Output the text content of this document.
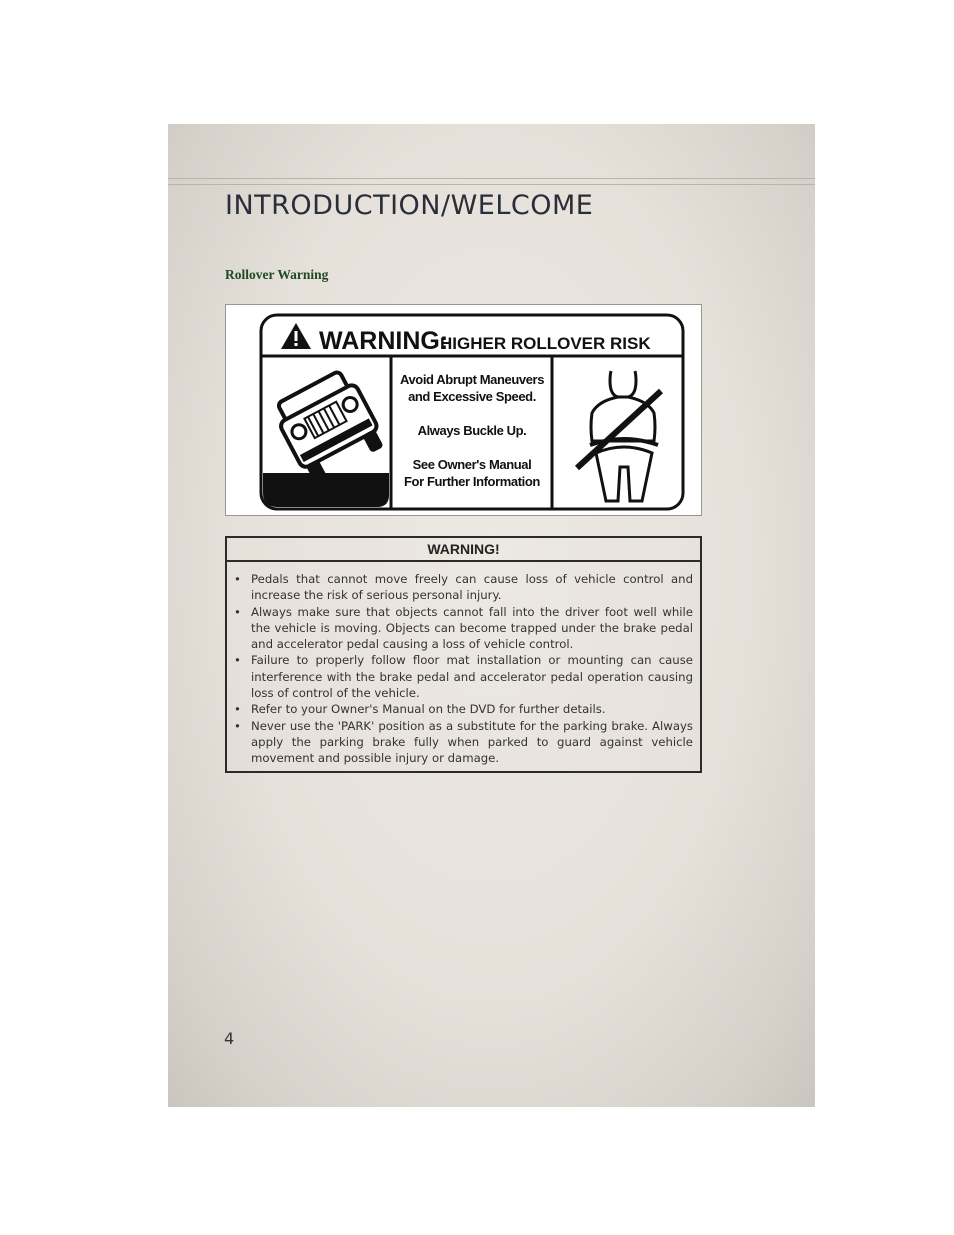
INTRODUCTION/WELCOME
Rollover Warning
WARNING:
HIGHER ROLLOVER RISK
Avoid Abrupt Maneuvers
and Excessive Speed.
Always Buckle Up.
See Owner's Manual
For Further Information
WARNING!
• Pedals that cannot move freely can cause loss of vehicle control and increase the risk of serious personal injury.
• Always make sure that objects cannot fall into the driver foot well while the vehicle is moving. Objects can become trapped under the brake pedal and accelerator pedal causing a loss of vehicle control.
• Failure to properly follow floor mat installation or mounting can cause interference with the brake pedal and accelerator pedal operation causing loss of control of the vehicle.
• Refer to your Owner's Manual on the DVD for further details.
• Never use the 'PARK' position as a substitute for the parking brake. Always apply the parking brake fully when parked to guard against vehicle movement and possible injury or damage.
4
